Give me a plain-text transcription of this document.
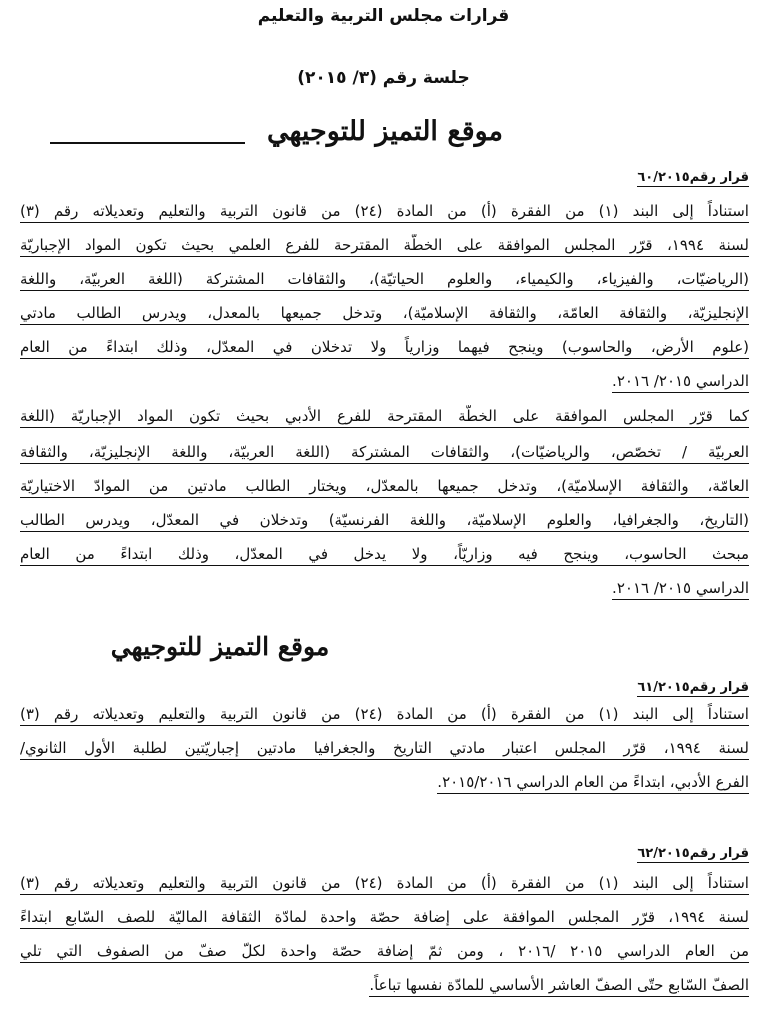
قرارات مجلس التربية والتعليم
جلسة رقم (٣/ ٢٠١٥)
موقع التميز للتوجيهي
قرار رقم٦٠/٢٠١٥
استناداً إلى البند (١) من الفقرة (أ) من المادة (٢٤) من قانون التربية والتعليم وتعديلاته رقم (٣)
لسنة ١٩٩٤، قرّر المجلس الموافقة على الخطّة المقترحة للفرع العلمي بحيث تكون المواد الإجباريّة
(الرياضيّات، والفيزياء، والكيمياء، والعلوم الحياتيّة)، والثقافات المشتركة (اللغة العربيّة، واللغة
الإنجليزيّة، والثقافة العامّة، والثقافة الإسلاميّة)، وتدخل جميعها بالمعدل، ويدرس الطالب مادتي
(علوم الأرض، والحاسوب) وينجح فيهما وزارياً ولا تدخلان في المعدّل، وذلك ابتداءً من العام
الدراسي ٢٠١٥/ ٢٠١٦.
كما قرّر المجلس الموافقة على الخطّة المقترحة للفرع الأدبي بحيث تكون المواد الإجباريّة (اللغة
العربيّة / تخصّص، والرياضيّات)، والثقافات المشتركة (اللغة العربيّة، واللغة الإنجليزيّة، والثقافة
العامّة، والثقافة الإسلاميّة)، وتدخل جميعها بالمعدّل، ويختار الطالب مادتين من الموادّ الاختياريّة
(التاريخ، والجغرافيا، والعلوم الإسلاميّة، واللغة الفرنسيّة) وتدخلان في المعدّل، ويدرس الطالب
مبحث الحاسوب، وينجح فيه وزاريّاً، ولا يدخل في المعدّل، وذلك ابتداءً من العام
الدراسي ٢٠١٥/ ٢٠١٦.
قرار رقم٦١/٢٠١٥
استناداً إلى البند (١) من الفقرة (أ) من المادة (٢٤) من قانون التربية والتعليم وتعديلاته رقم (٣)
لسنة ١٩٩٤، قرّر المجلس اعتبار مادتي التاريخ والجغرافيا مادتين إجباريّتين لطلبة الأول الثانوي/
الفرع الأدبي، ابتداءً من العام الدراسي ٢٠١٥/٢٠١٦.
قرار رقم٦٢/٢٠١٥
استناداً إلى البند (١) من الفقرة (أ) من المادة (٢٤) من قانون التربية والتعليم وتعديلاته رقم (٣)
لسنة ١٩٩٤، قرّر المجلس الموافقة على إضافة حصّة واحدة لمادّة الثقافة الماليّة للصف السّابع ابتداءً
من العام الدراسي ٢٠١٥ /٢٠١٦ ، ومن ثمّ إضافة حصّة واحدة لكلّ صفّ من الصفوف التي تلي
الصفّ السّابع حتّى الصفّ العاشر الأساسي للمادّة نفسها تباعاً.
موقع التميز للتوجيهي
